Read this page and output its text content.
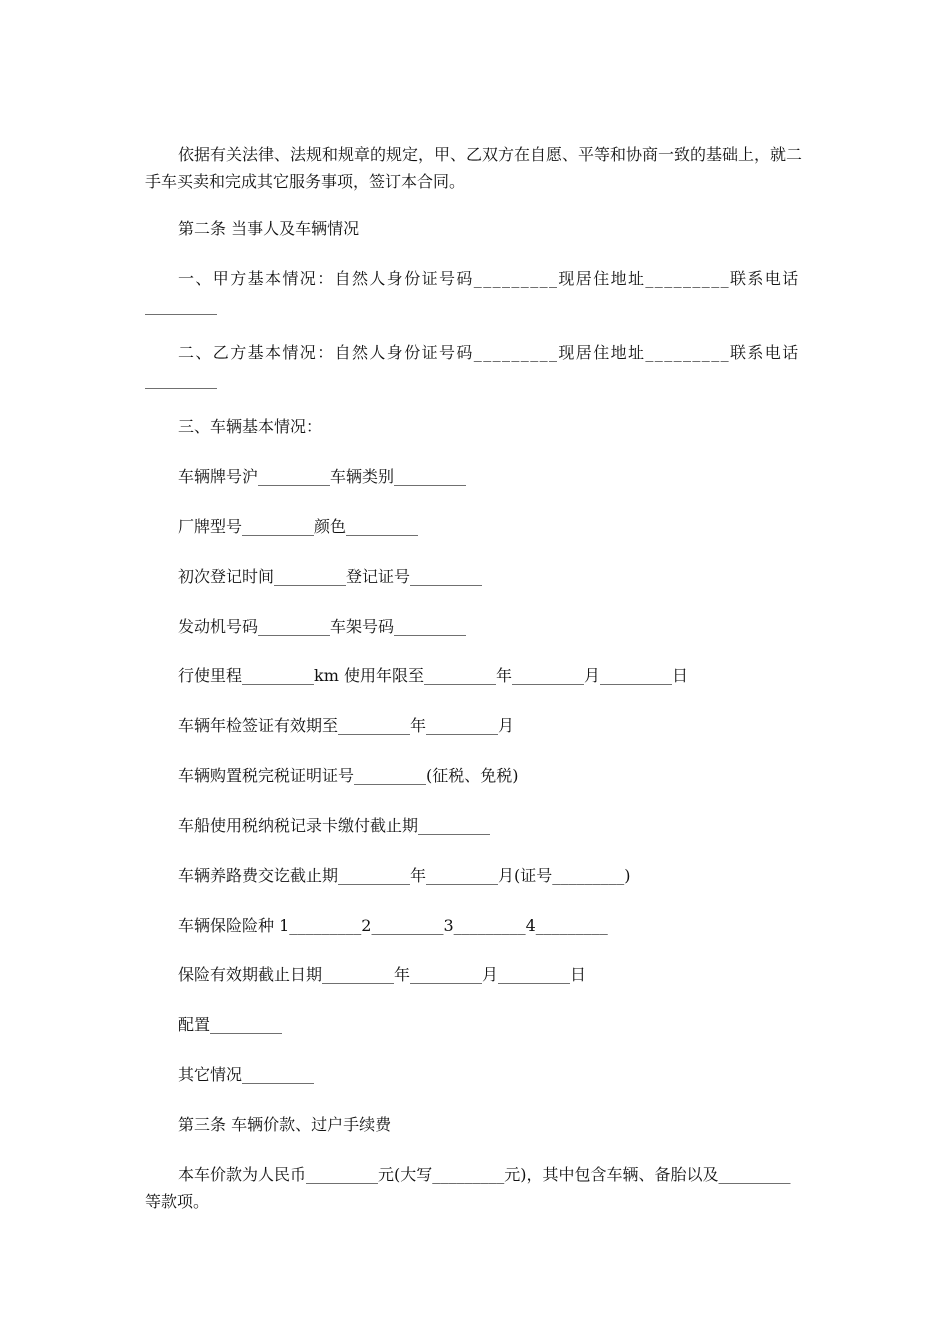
依据有关法律、法规和规章的规定，甲、乙双方在自愿、平等和协商一致的基础上，就二
手车买卖和完成其它服务事项，签订本合同。
第二条 当事人及车辆情况
一、甲方基本情况：自然人身份证号码_________现居住地址_________联系电话
_________
二、乙方基本情况：自然人身份证号码_________现居住地址_________联系电话
_________
三、车辆基本情况：
车辆牌号沪_________车辆类别_________
厂牌型号_________颜色_________
初次登记时间_________登记证号_________
发动机号码_________车架号码_________
行使里程_________km 使用年限至_________年_________月_________日
车辆年检签证有效期至_________年_________月
车辆购置税完税证明证号_________(征税、免税)
车船使用税纳税记录卡缴付截止期_________
车辆养路费交讫截止期_________年_________月(证号_________)
车辆保险险种 1_________2_________3_________4_________
保险有效期截止日期_________年_________月_________日
配置_________
其它情况_________
第三条 车辆价款、过户手续费
本车价款为人民币_________元(大写_________元)，其中包含车辆、备胎以及_________
等款项。
